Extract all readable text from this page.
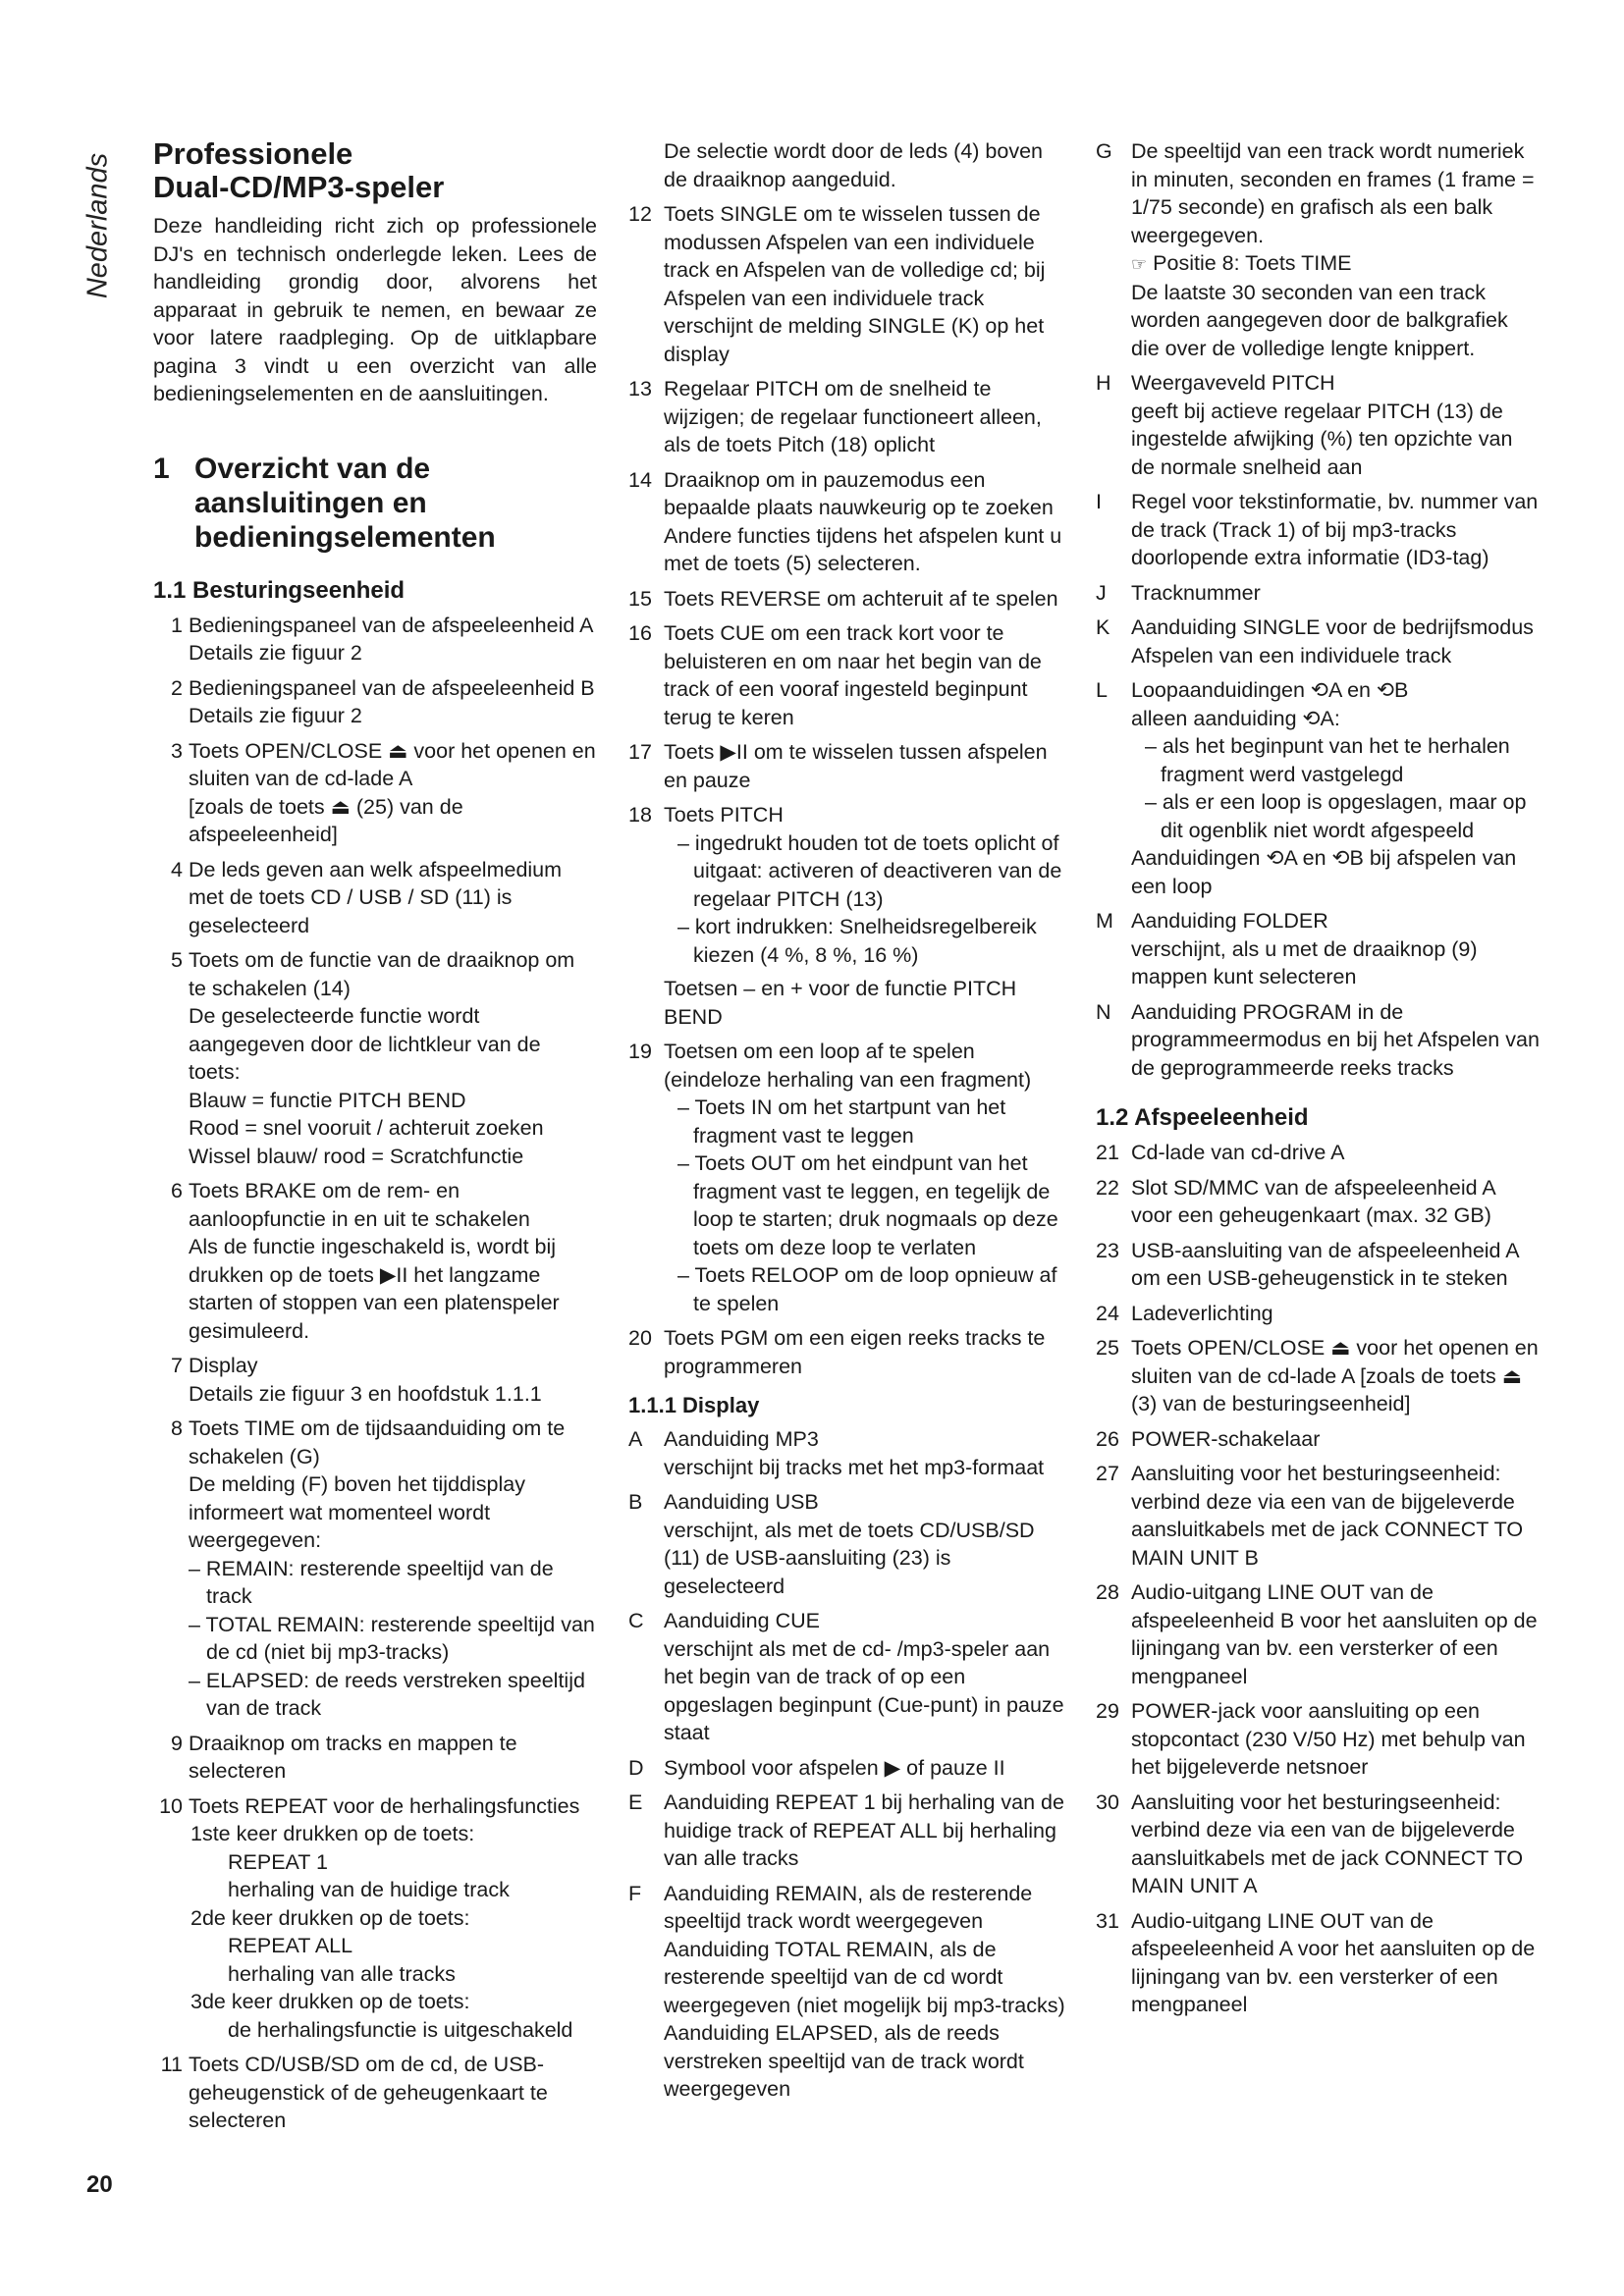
Nederlands Professionele
Dual-CD/MP3-speler

Deze handleiding richt zich op professionele DJ's en technisch onderlegde leken. Lees de handleiding grondig door, alvorens het apparaat in gebruik te nemen, en bewaar ze voor latere raadpleging. Op de uitklapbare pagina 3 vindt u een overzicht van alle bedieningselementen en de aansluitingen.

1 Overzicht van de aansluitingen en bedieningselementen
1.1 Besturingseenheid
1 Bedieningspaneel van de afspeeleenheid A
Details zie figuur 2
2 Bedieningspaneel van de afspeeleenheid B
Details zie figuur 2
3 Toets OPEN/CLOSE ⏏ voor het openen en sluiten van de cd-lade A
[zoals de toets ⏏ (25) van de afspeeleenheid]
4 De leds geven aan welk afspeelmedium met de toets CD / USB / SD (11) is geselecteerd
5 Toets om de functie van de draaiknop om te schakelen (14)
De geselecteerde functie wordt aangegeven door de lichtkleur van de toets:
Blauw = functie PITCH BEND
Rood = snel vooruit / achteruit zoeken
Wissel blauw/ rood = Scratchfunctie
6 Toets BRAKE om de rem- en aanloopfunctie in en uit te schakelen
Als de functie ingeschakeld is, wordt bij drukken op de toets ▶II het langzame starten of stoppen van een platenspeler gesimuleerd.
7 Display
Details zie figuur 3 en hoofdstuk 1.1.1
8 Toets TIME om de tijdsaanduiding om te schakelen (G)
De melding (F) boven het tijddisplay informeert wat momenteel wordt weergegeven:
– REMAIN: resterende speeltijd van de track
– TOTAL REMAIN: resterende speeltijd van de cd (niet bij mp3-tracks)
– ELAPSED: de reeds verstreken speeltijd van de track
9 Draaiknop om tracks en mappen te selecteren
10 Toets REPEAT voor de herhalingsfuncties
1ste keer drukken op de toets:
REPEAT 1
herhaling van de huidige track
2de keer drukken op de toets:
REPEAT ALL
herhaling van alle tracks
3de keer drukken op de toets:
de herhalingsfunctie is uitgeschakeld
11 Toets CD/USB/SD om de cd, de USB-geheugenstick of de geheugenkaart te selecteren
De selectie wordt door de leds (4) boven de draaiknop aangeduid.
12 Toets SINGLE om te wisselen tussen de modussen Afspelen van een individuele track en Afspelen van de volledige cd; bij Afspelen van een individuele track verschijnt de melding SINGLE (K) op het display
13 Regelaar PITCH om de snelheid te wijzigen; de regelaar functioneert alleen, als de toets Pitch (18) oplicht
14 Draaiknop om in pauzemodus een bepaalde plaats nauwkeurig op te zoeken Andere functies tijdens het afspelen kunt u met de toets (5) selecteren.
15 Toets REVERSE om achteruit af te spelen
16 Toets CUE om een track kort voor te beluisteren en om naar het begin van de track of een vooraf ingesteld beginpunt terug te keren
17 Toets ▶II om te wisselen tussen afspelen en pauze
18 Toets PITCH
– ingedrukt houden tot de toets oplicht of uitgaat: activeren of deactiveren van de regelaar PITCH (13)
– kort indrukken: Snelheidsregelbereik kiezen (4 %, 8 %, 16 %)
Toetsen – en + voor de functie PITCH BEND
19 Toetsen om een loop af te spelen (eindeloze herhaling van een fragment)
– Toets IN om het startpunt van het fragment vast te leggen
– Toets OUT om het eindpunt van het fragment vast te leggen, en tegelijk de loop te starten; druk nogmaals op deze toets om deze loop te verlaten
– Toets RELOOP om de loop opnieuw af te spelen
20 Toets PGM om een eigen reeks tracks te programmeren
1.1.1 Display
A	Aanduiding MP3
verschijnt bij tracks met het mp3-formaat
B	Aanduiding USB
verschijnt, als met de toets CD/USB/SD (11) de USB-aansluiting (23) is geselecteerd
C Aanduiding CUE
verschijnt als met de cd- /mp3-speler aan het begin van de track of op een opgeslagen beginpunt (Cue-punt) in pauze staat
D Symbool voor afspelen ▶ of pauze II
E	Aanduiding REPEAT 1 bij herhaling van de huidige track of REPEAT ALL bij herhaling van alle tracks
F	Aanduiding REMAIN, als de resterende speeltijd track wordt weergegeven
Aanduiding TOTAL REMAIN, als de resterende speeltijd van de cd wordt weergegeven (niet mogelijk bij mp3-tracks)
Aanduiding ELAPSED, als de reeds verstreken speeltijd van de track wordt weergegeven
G De speeltijd van een track wordt numeriek in minuten, seconden en frames (1 frame = 1/75 seconde) en grafisch als een balk weergegeven.
☞ Positie 8: Toets TIME
De laatste 30 seconden van een track worden aangegeven door de balkgrafiek die over de volledige lengte knippert.
H Weergaveveld PITCH
geeft bij actieve regelaar PITCH (13) de ingestelde afwijking (%) ten opzichte van de normale snelheid aan
I	Regel voor tekstinformatie, bv. nummer van de track (Track 1) of bij mp3-tracks doorlopende extra informatie (ID3-tag)
J	Tracknummer
K	Aanduiding SINGLE voor de bedrijfsmodus Afspelen van een individuele track
L	Loopaanduidingen ⟲A en ⟲B
alleen aanduiding ⟲A:
– als het beginpunt van het te herhalen fragment werd vastgelegd
– als er een loop is opgeslagen, maar op dit ogenblik niet wordt afgespeeld
Aanduidingen ⟲A en ⟲B bij afspelen van een loop
M Aanduiding FOLDER
verschijnt, als u met de draaiknop (9) mappen kunt selecteren
N Aanduiding PROGRAM in de programmeermodus en bij het Afspelen van de geprogrammeerde reeks tracks
1.2 Afspeeleenheid
21 Cd-lade van cd-drive A
22 Slot SD/MMC van de afspeeleenheid A voor een geheugenkaart (max. 32 GB)
23 USB-aansluiting van de afspeeleenheid A om een USB-geheugenstick in te steken
24 Ladeverlichting
25 Toets OPEN/CLOSE ⏏ voor het openen en sluiten van de cd-lade A [zoals de toets ⏏ (3) van de besturingseenheid]
26 POWER-schakelaar
27 Aansluiting voor het besturingseenheid: verbind deze via een van de bijgeleverde aansluitkabels met de jack CONNECT TO MAIN UNIT B
28 Audio-uitgang LINE OUT van de afspeeleenheid B voor het aansluiten op de lijningang van bv. een versterker of een mengpaneel
29 POWER-jack voor aansluiting op een stopcontact (230 V/50 Hz) met behulp van het bijgeleverde netsnoer
30 Aansluiting voor het besturingseenheid: verbind deze via een van de bijgeleverde aansluitkabels met de jack CONNECT TO MAIN UNIT A
31 Audio-uitgang LINE OUT van de afspeeleenheid A voor het aansluiten op de lijningang van bv. een versterker of een mengpaneel
20
